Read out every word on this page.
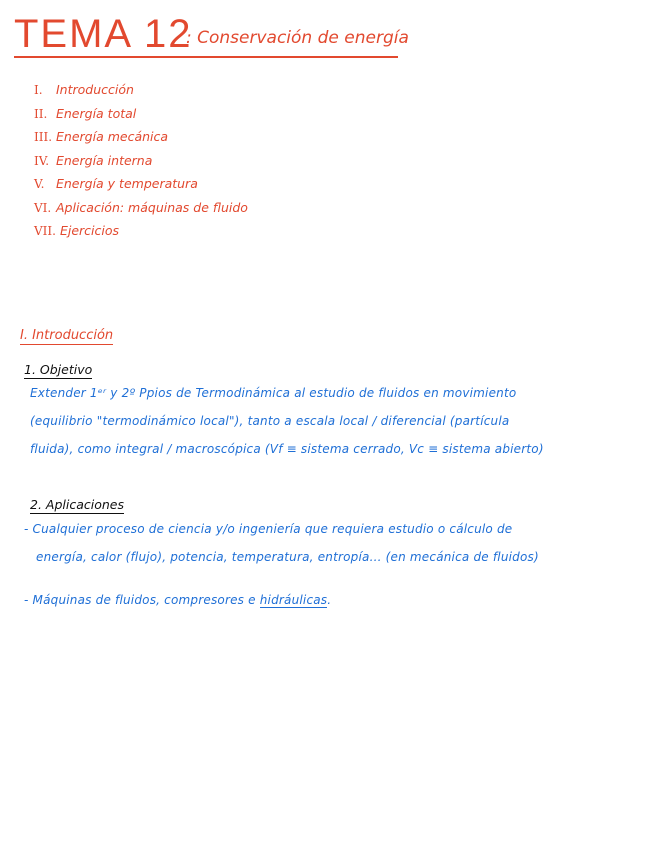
TEMA 12
: Conservación de energía
I. Introducción
II. Energía total
III. Energía mecánica
IV. Energía interna
V. Energía y temperatura
VI. Aplicación: máquinas de fluido
VII. Ejercicios
I. Introducción
1. Objetivo
Extender 1ᵉʳ y 2º Ppios de Termodinámica al estudio de fluidos en movimiento
(equilibrio "termodinámico local"), tanto a escala local / diferencial (partícula
fluida), como integral / macroscópica (Vf ≡ sistema cerrado, Vc ≡ sistema abierto)
2. Aplicaciones
- Cualquier proceso de ciencia y/o ingeniería que requiera estudio o cálculo de
energía, calor (flujo), potencia, temperatura, entropía... (en mecánica de fluidos)
- Máquinas de fluidos, compresores e hidráulicas.
